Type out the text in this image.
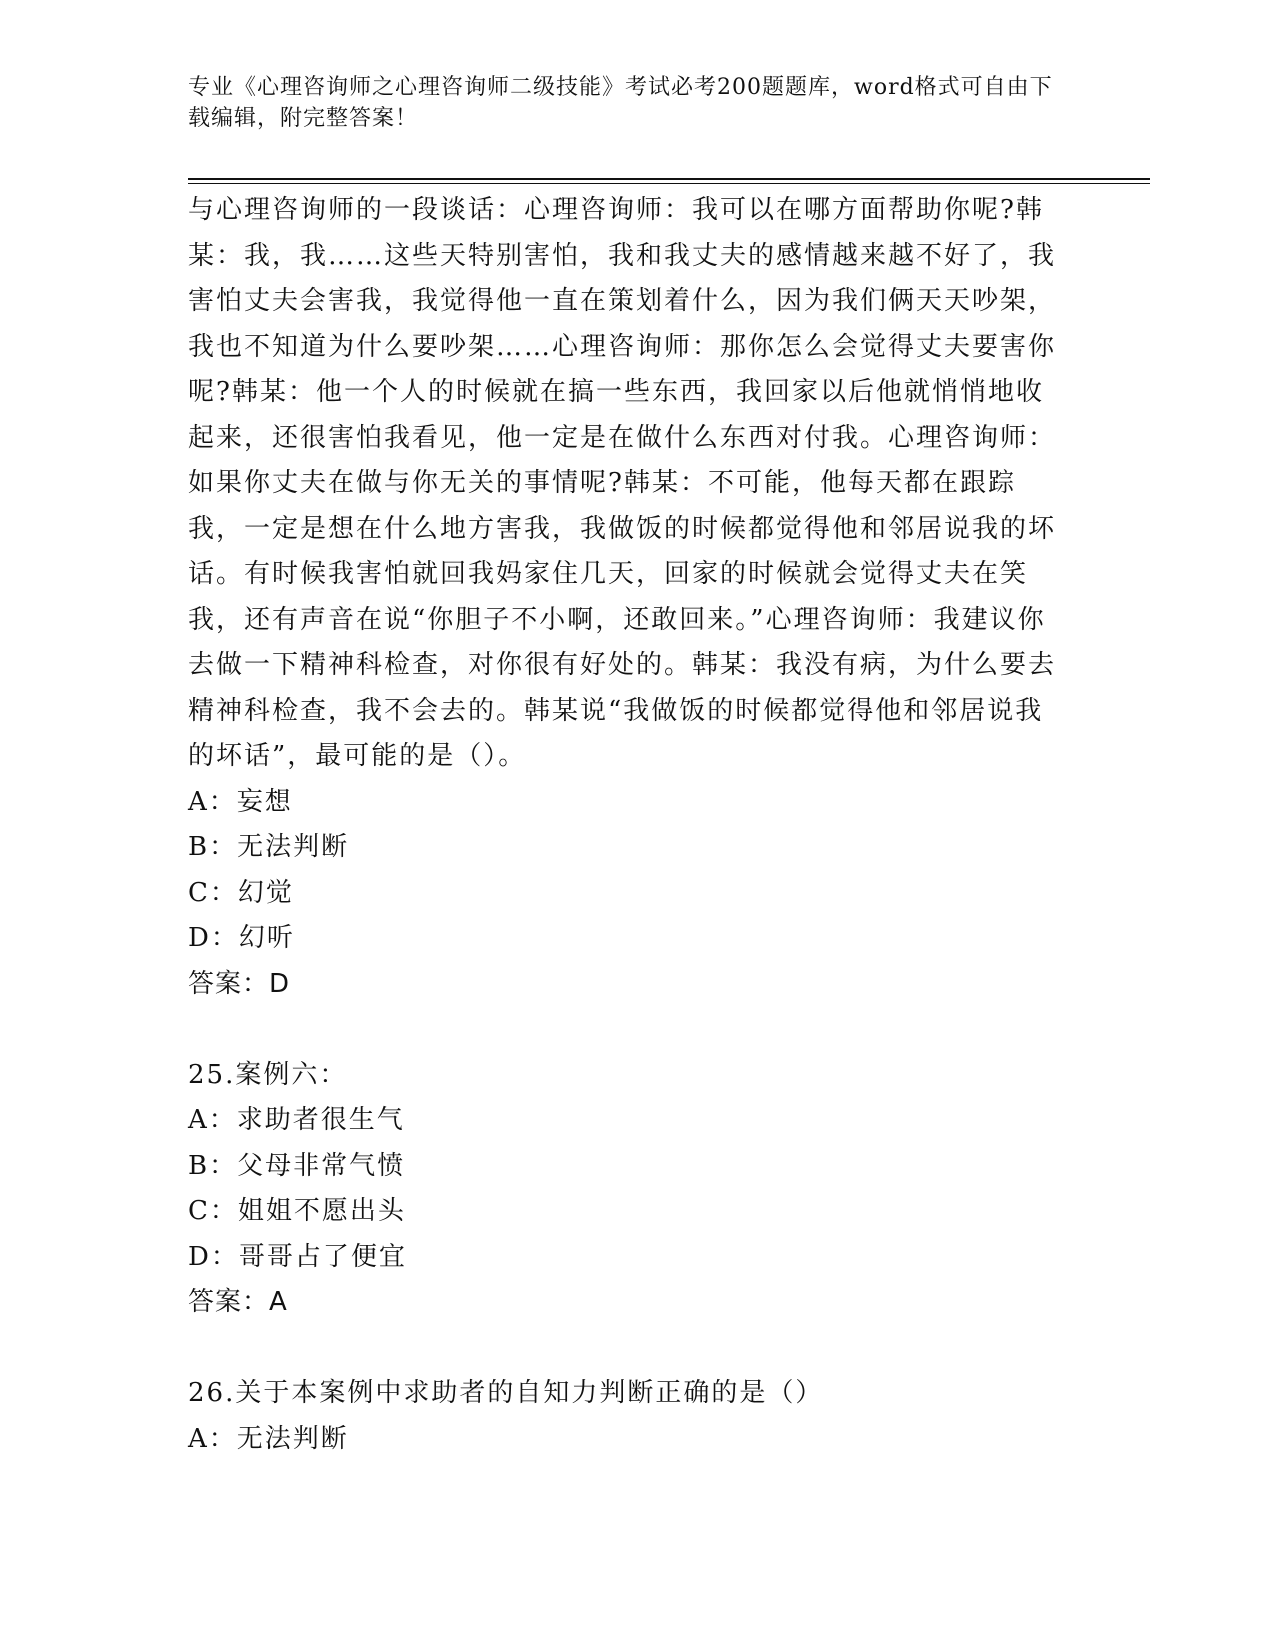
专业《心理咨询师之心理咨询师二级技能》考试必考200题题库，word格式可自由下载编辑，附完整答案！

与心理咨询师的一段谈话：心理咨询师：我可以在哪方面帮助你呢?韩某：我，我……这些天特别害怕，我和我丈夫的感情越来越不好了，我害怕丈夫会害我，我觉得他一直在策划着什么，因为我们俩天天吵架，我也不知道为什么要吵架……心理咨询师：那你怎么会觉得丈夫要害你呢?韩某：他一个人的时候就在搞一些东西，我回家以后他就悄悄地收起来，还很害怕我看见，他一定是在做什么东西对付我。心理咨询师：如果你丈夫在做与你无关的事情呢?韩某：不可能，他每天都在跟踪我，一定是想在什么地方害我，我做饭的时候都觉得他和邻居说我的坏话。有时候我害怕就回我妈家住几天，回家的时候就会觉得丈夫在笑我，还有声音在说“你胆子不小啊，还敢回来。”心理咨询师：我建议你去做一下精神科检查，对你很有好处的。韩某：我没有病，为什么要去精神科检查，我不会去的。韩某说“我做饭的时候都觉得他和邻居说我的坏话”，最可能的是（）。

A：妄想

B：无法判断

C：幻觉

D：幻听

答案：D

25.案例六：

A：求助者很生气

B：父母非常气愤

C：姐姐不愿出头

D：哥哥占了便宜

答案：A

26.关于本案例中求助者的自知力判断正确的是（）

A：无法判断
